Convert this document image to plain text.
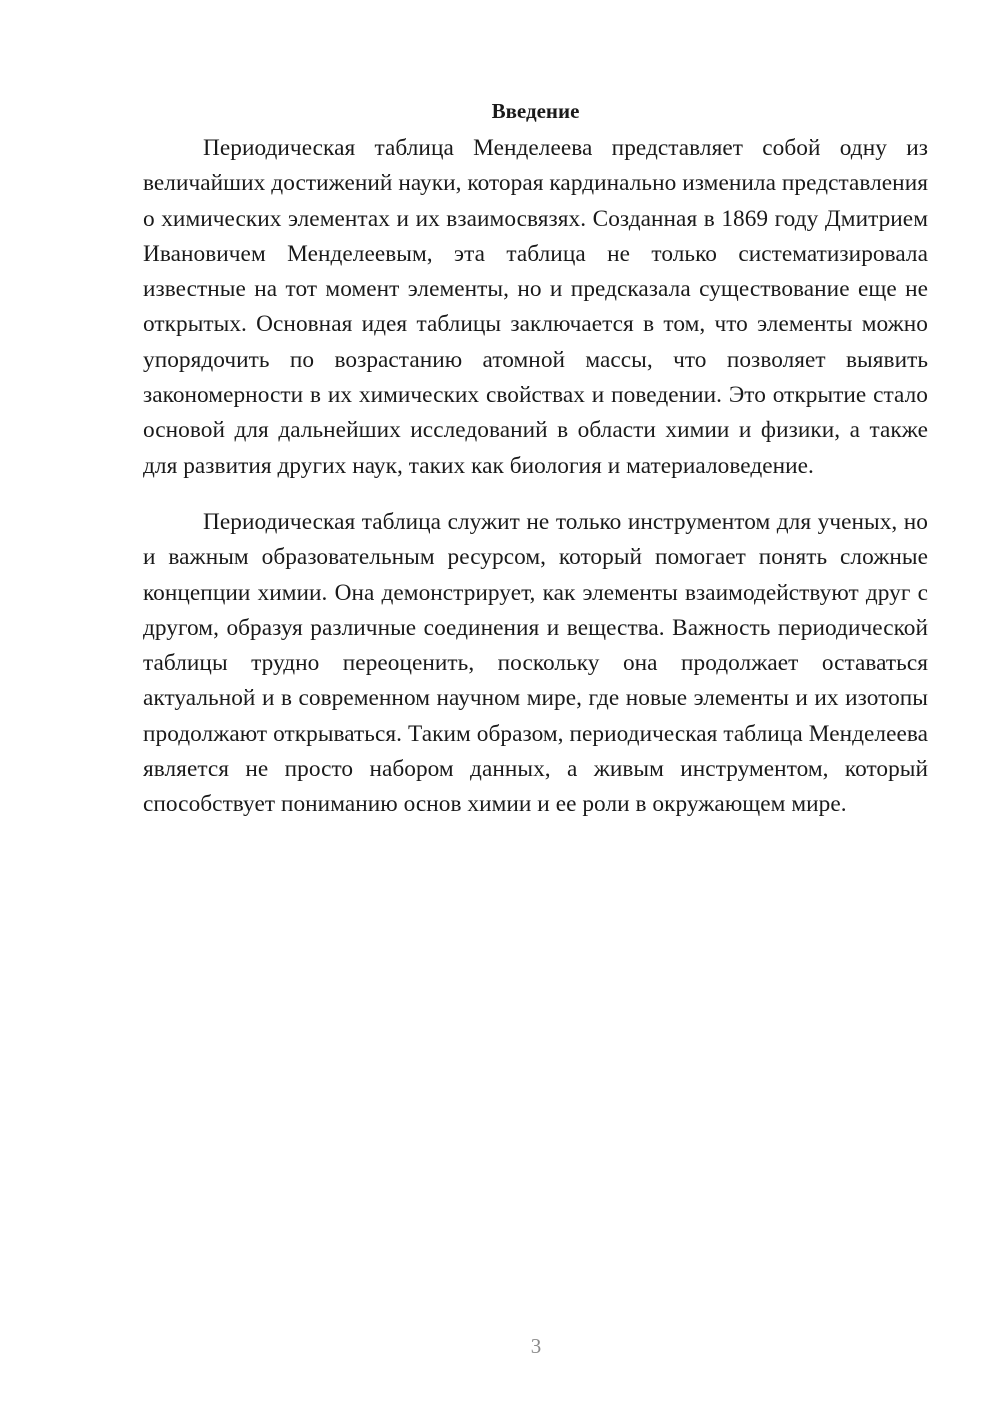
Введение

Периодическая таблица Менделеева представляет собой одну из величайших достижений науки, которая кардинально изменила представления о химических элементах и их взаимосвязях. Созданная в 1869 году Дмитрием Ивановичем Менделеевым, эта таблица не только систематизировала известные на тот момент элементы, но и предсказала существование еще не открытых. Основная идея таблицы заключается в том, что элементы можно упорядочить по возрастанию атомной массы, что позволяет выявить закономерности в их химических свойствах и поведении. Это открытие стало основой для дальнейших исследований в области химии и физики, а также для развития других наук, таких как биология и материаловедение.

Периодическая таблица служит не только инструментом для ученых, но и важным образовательным ресурсом, который помогает понять сложные концепции химии. Она демонстрирует, как элементы взаимодействуют друг с другом, образуя различные соединения и вещества. Важность периодической таблицы трудно переоценить, поскольку она продолжает оставаться актуальной и в современном научном мире, где новые элементы и их изотопы продолжают открываться. Таким образом, периодическая таблица Менделеева является не просто набором данных, а живым инструментом, который способствует пониманию основ химии и ее роли в окружающем мире.

3
